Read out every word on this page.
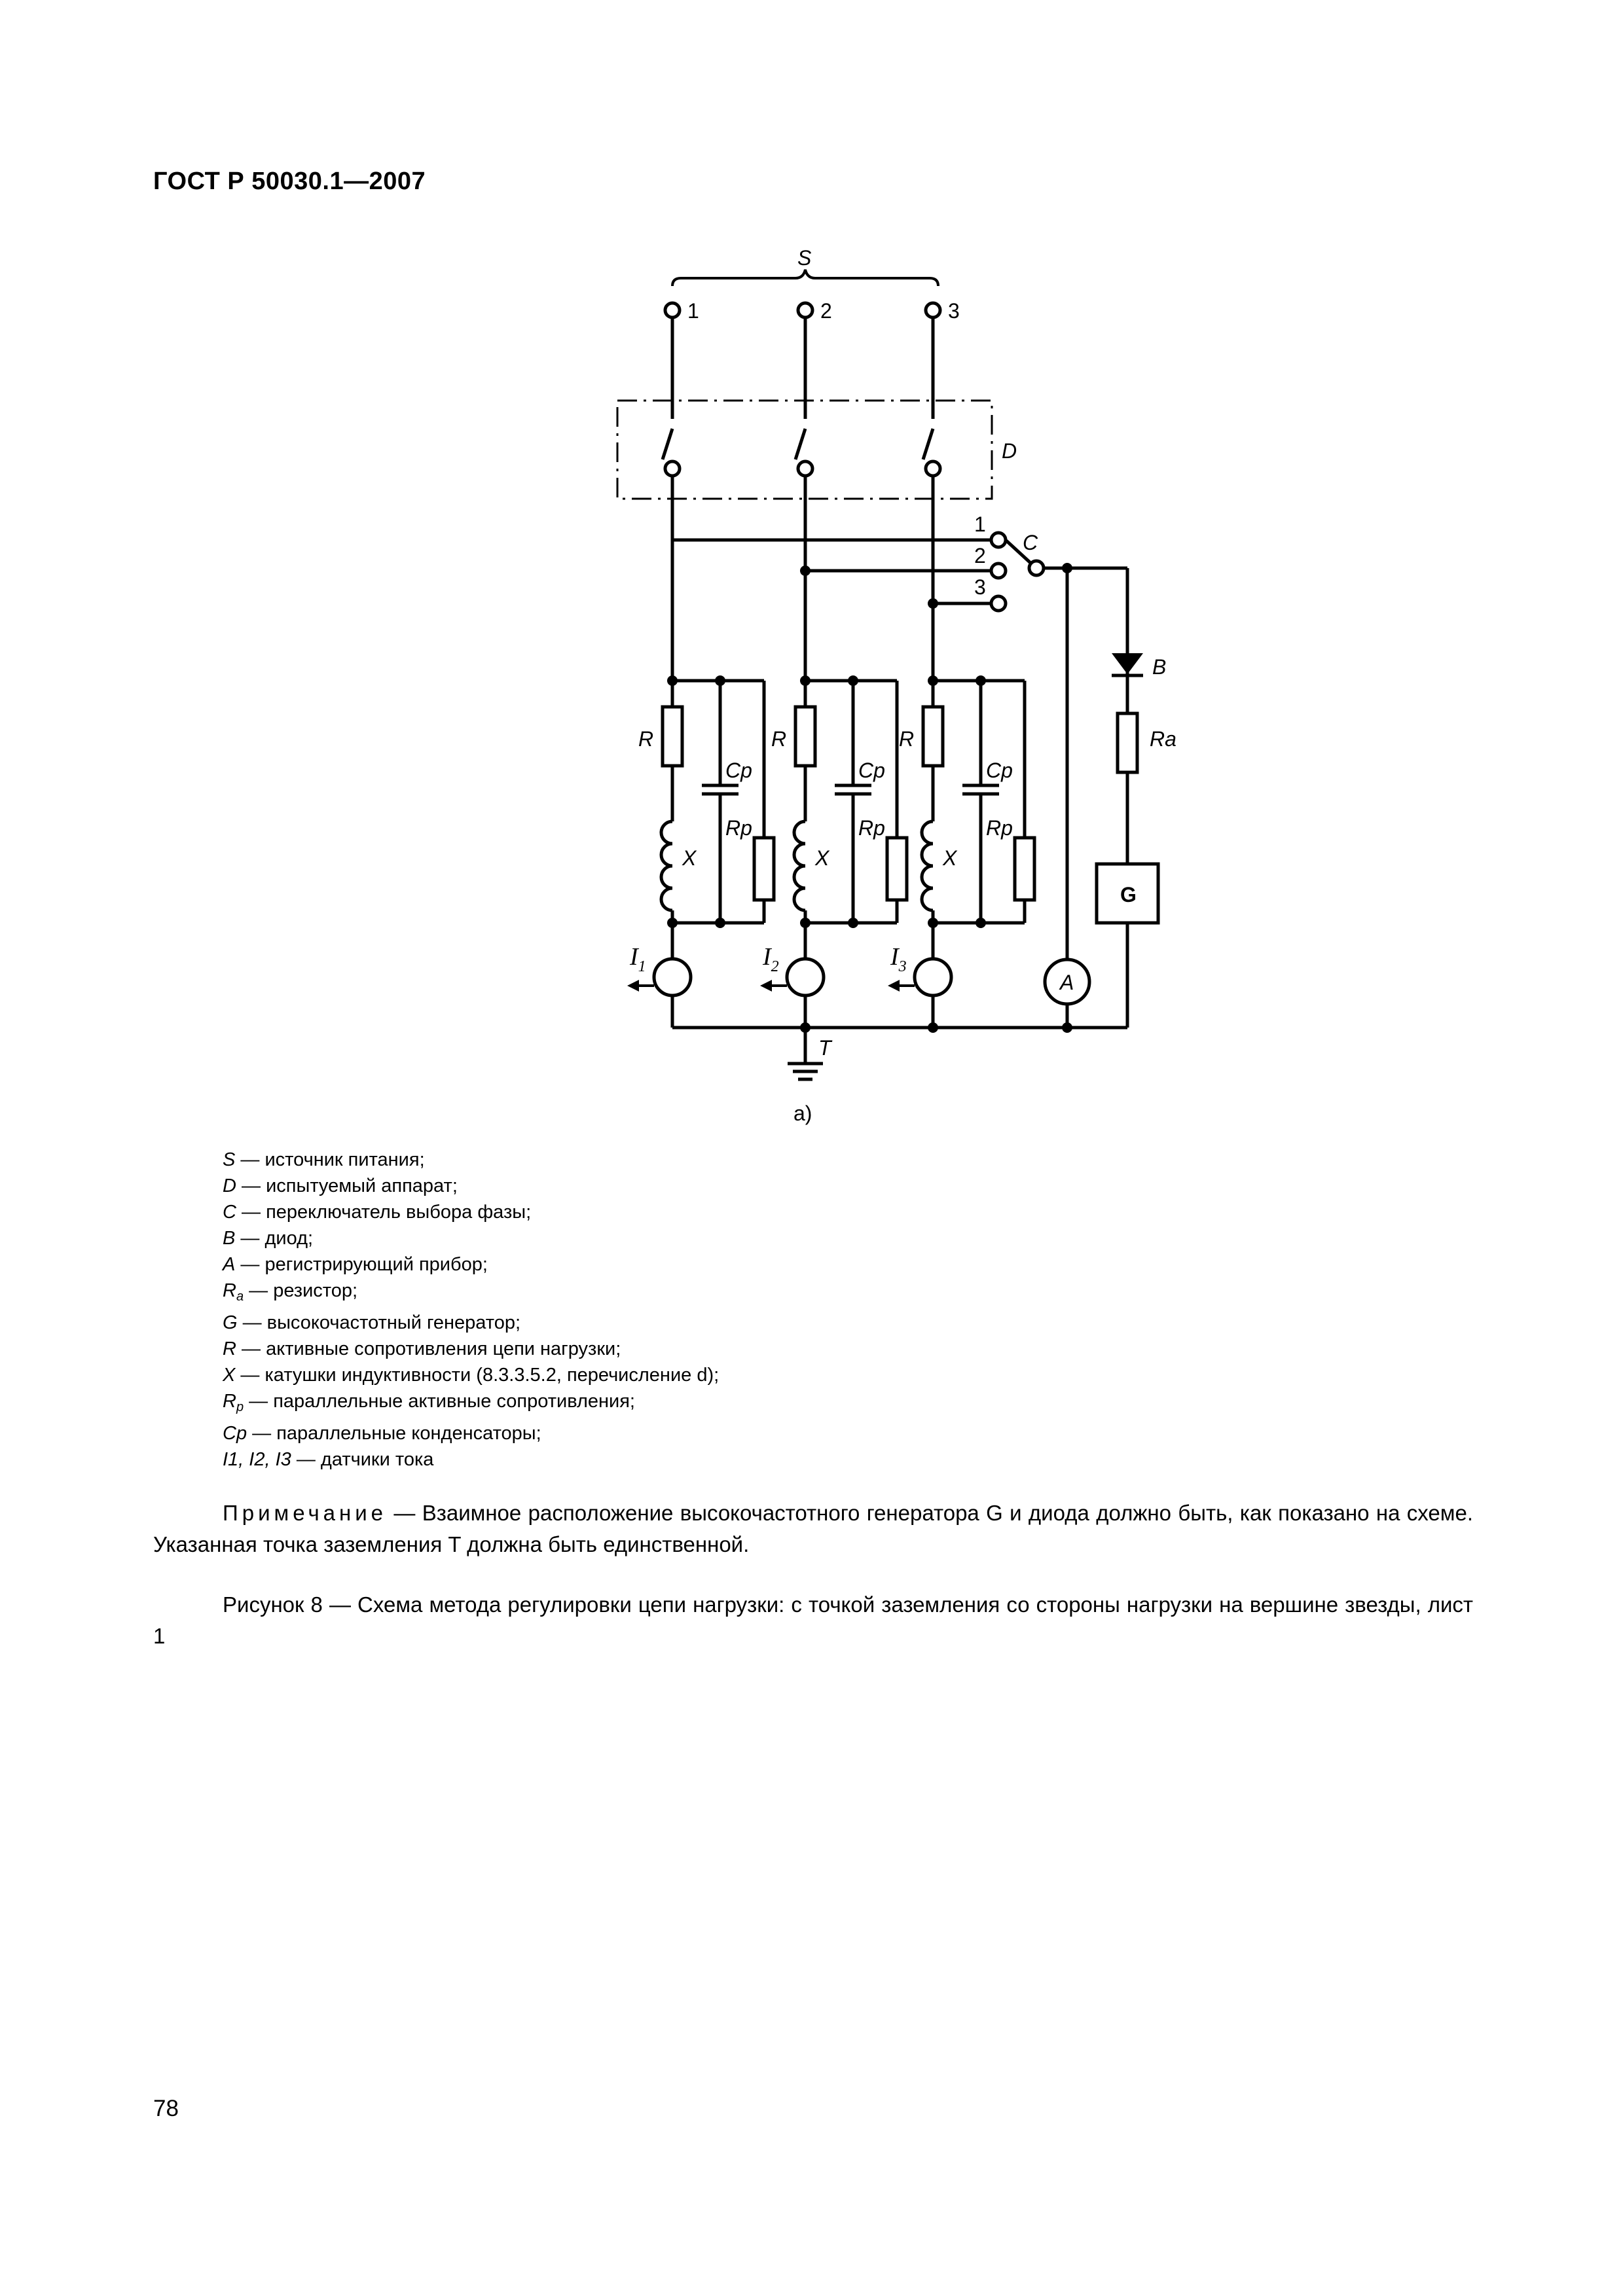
ГОСТ Р 50030.1—2007
S
1	2	3
D
1
2
3
C
R	R	R
Cp	Cp	Cp
Rp	Rp	Rp
X	X	X
$I_1$	$I_2$	$I_3$
A
B
Ra
G
T
a)
S — источник питания;
D — испытуемый аппарат;
C — переключатель выбора фазы;
B — диод;
A — регистрирующий прибор;
$R_a$ — резистор;
G — высокочастотный генератор;
R — активные сопротивления цепи нагрузки;
X — катушки индуктивности (8.3.3.5.2, перечисление d);
$R_p$ — параллельные активные сопротивления;
Cp — параллельные конденсаторы;
I1, I2, I3 — датчики тока
Примечание — Взаимное расположение высокочастотного генератора G и диода должно быть, как показано на схеме. Указанная точка заземления T должна быть единственной.
Рисунок 8 — Схема метода регулировки цепи нагрузки: с точкой заземления со стороны нагрузки на вершине звезды, лист 1
78
